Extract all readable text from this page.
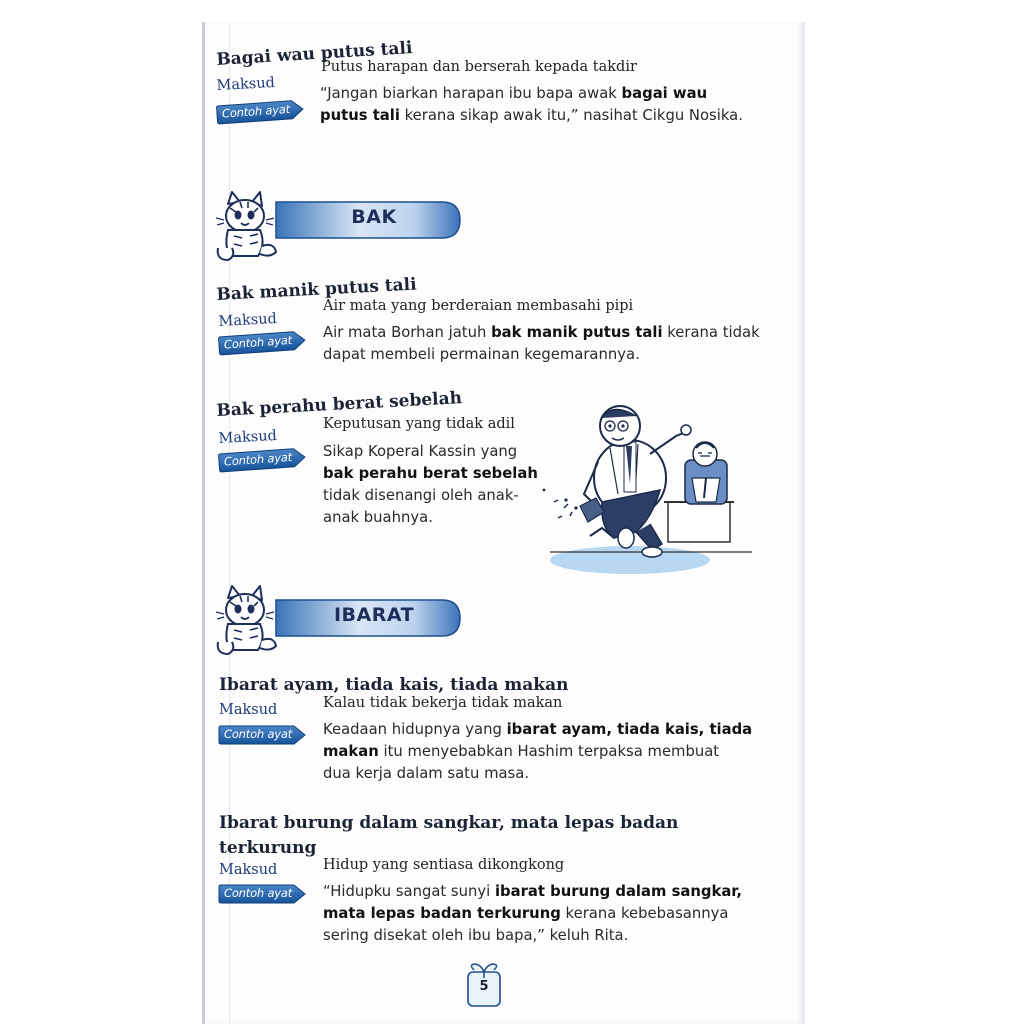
Bagai wau putus tali
Maksud
Putus harapan dan berserah kepada takdir
Contoh ayat
“Jangan biarkan harapan ibu bapa awak bagai wau
putus tali kerana sikap awak itu,” nasihat Cikgu Nosika.
BAK
Bak manik putus tali
Maksud
Air mata yang berderaian membasahi pipi
Contoh ayat
Air mata Borhan jatuh bak manik putus tali kerana tidak
dapat membeli permainan kegemarannya.
Bak perahu berat sebelah
Maksud
Keputusan yang tidak adil
Contoh ayat Sikap Koperal Kassin yang
bak perahu berat sebelah
tidak disenangi oleh anak-
anak buahnya.
IBARAT
Ibarat ayam, tiada kais, tiada makan
Maksud	Kalau tidak bekerja tidak makan
Contoh ayat Keadaan hidupnya yang ibarat ayam, tiada kais, tiada
makan itu menyebabkan Hashim terpaksa membuat
dua kerja dalam satu masa.
Ibarat burung dalam sangkar, mata lepas badan
terkurung
Maksud	Hidup yang sentiasa dikongkong
Contoh ayat “Hidupku sangat sunyi ibarat burung dalam sangkar,
mata lepas badan terkurung kerana kebebasannya
sering disekat oleh ibu bapa,” keluh Rita.
5
